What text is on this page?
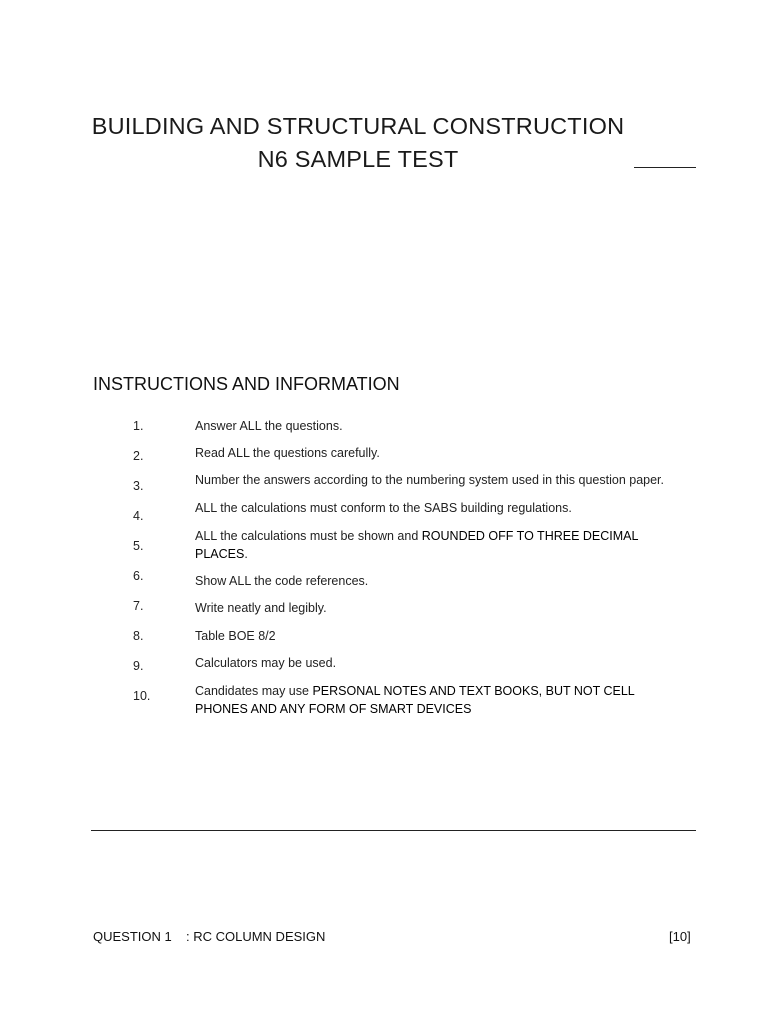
BUILDING AND STRUCTURAL CONSTRUCTION
N6 SAMPLE TEST
INSTRUCTIONS AND INFORMATION
1.	Answer ALL the questions.
2.	Read ALL the questions carefully.
3.	Number the answers according to the numbering system used in this question paper.
4.
ALL the calculations must conform to the SABS building regulations.
5.
ALL the calculations must be shown and ROUNDED OFF TO THREE DECIMAL PLACES.
6.	Show ALL the code references.
7.	Write neatly and legibly.
8.	Table BOE 8/2
9.	Calculators may be used.
10.	Candidates may use PERSONAL NOTES AND TEXT BOOKS, BUT NOT CELL PHONES AND ANY FORM OF SMART DEVICES
QUESTION 1 : RC COLUMN DESIGN	[10]
